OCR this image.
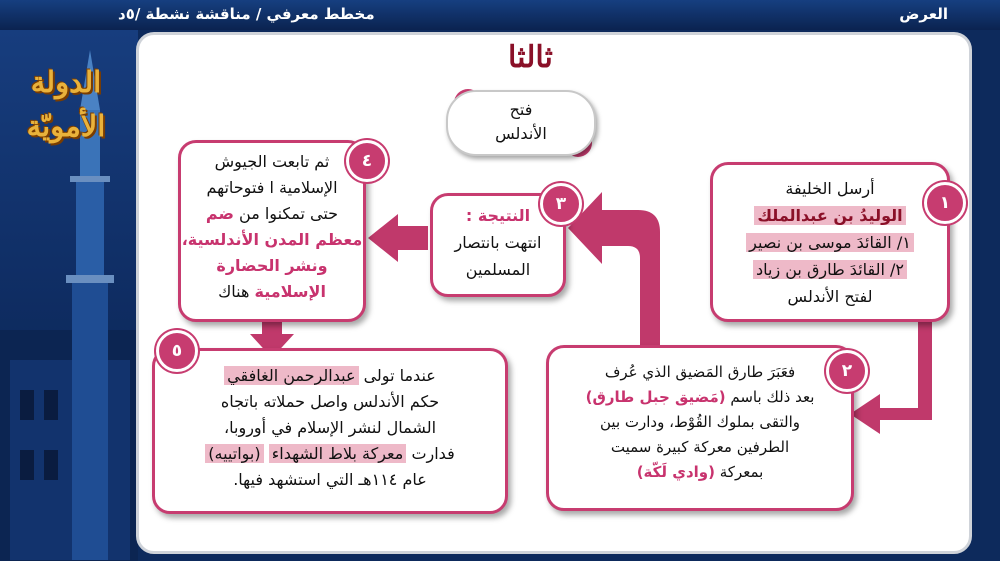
العرض
مخطط معرفي / مناقشة نشطة /٥د
الدولة
الأمويّة
ثالثا
فتح
الأندلس
أرسل الخليفة
الوليدُ بن عبدالملك
١/ القائدَ موسى بن نصير
٢/ القائدَ طارق بن زياد
لفتح الأندلس
فعَبَرَ طارق المَضيق الذي عُرف
بعد ذلك باسم (مَضيق جبل طارق)
والتقى بملوك القُوْط، ودارت بين
الطرفين معركة كبيرة سميت
بمعركة (وادي لَكّة)
النتيجة :
انتهت بانتصار
المسلمين
ثم تابعت الجيوش
الإسلامية ا فتوحاتهم
حتى تمكنوا من ضم
معظم المدن الأندلسية،
ونشر الحضارة
الإسلامية هناك
عندما تولى عبدالرحمن الغافقي
حكم الأندلس واصل حملاته باتجاه
الشمال لنشر الإسلام في أوروبا،
فدارت معركة بلاط الشهداء (بواتييه)
عام ١١٤هـ التي استشهد فيها.
١
٢
٣
٤
٥
